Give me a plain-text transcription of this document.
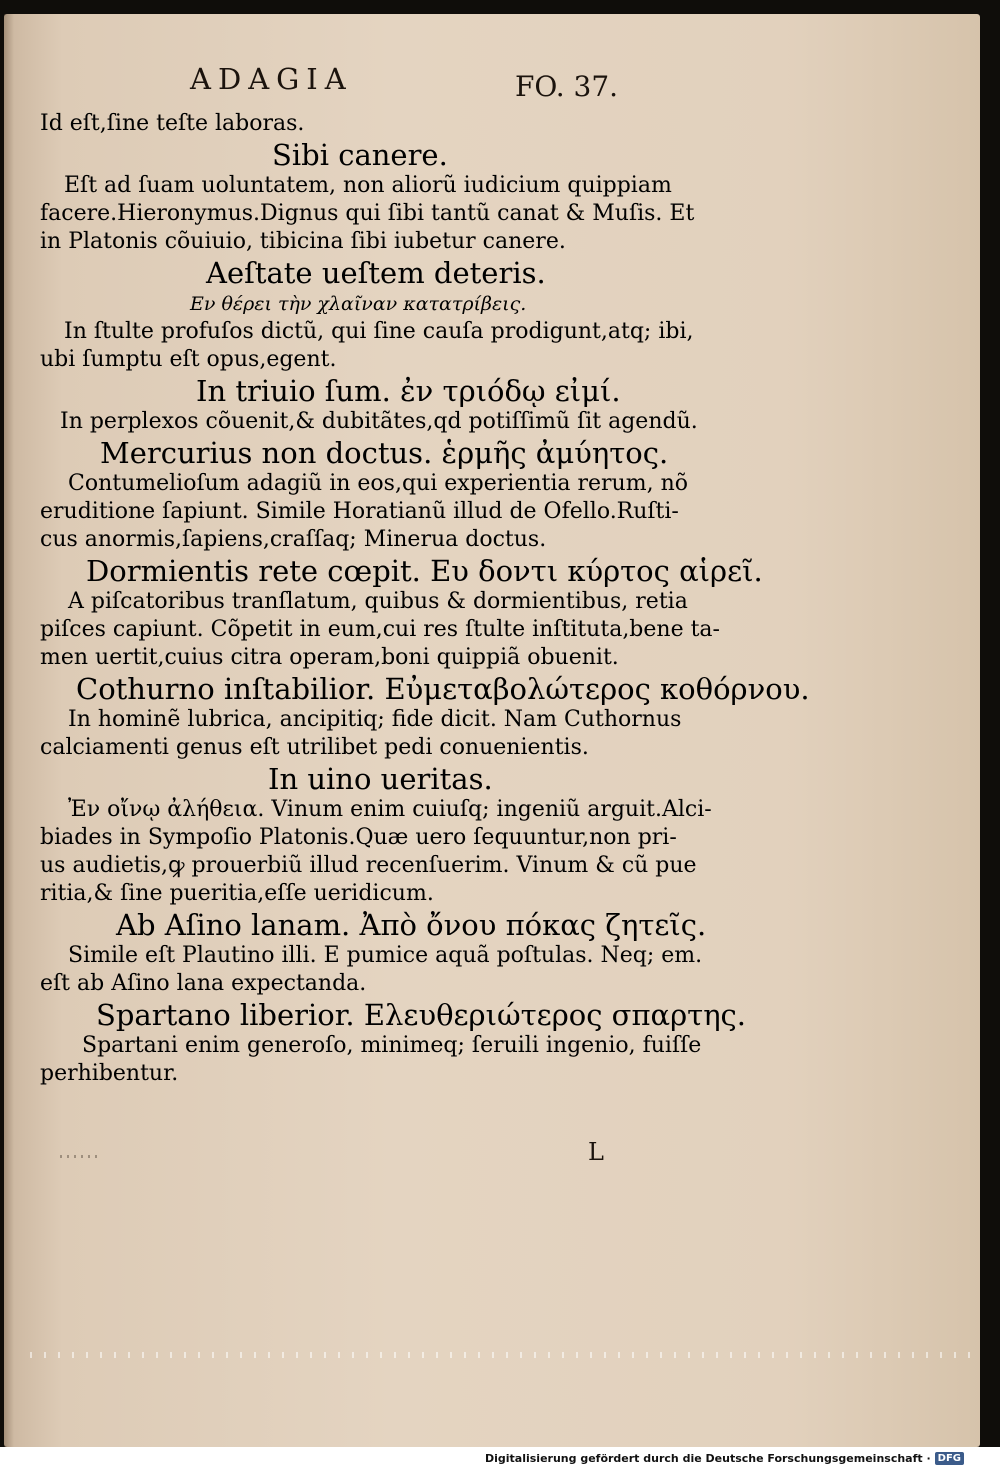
ADAGIA	FO. 37.
Id eſt,ſine teſte laboras.
Sibi canere.
Eſt ad ſuam uoluntatem, non aliorũ iudicium quippiam
facere.Hieronymus.Dignus qui ſibi tantũ canat & Muſis. Et
in Platonis cõuiuio, tibicina ſibi iubetur canere.
Aeſtate ueſtem deteris.
Εν θέρει τὴν χλαῖναν κατατρίβεις.
In ſtulte profuſos dictũ, qui ſine cauſa prodigunt,atq; ibi,
ubi ſumptu eſt opus,egent.
In triuio ſum. ἐν τριόδῳ εἰμί.
In perplexos cõuenit,& dubitãtes,qd potiſſimũ ſit agendũ.
Mercurius non doctus. ἑρμῆς ἀμύητος.
Contumelioſum adagiũ in eos,qui experientia rerum, nõ
eruditione ſapiunt. Simile Horatianũ illud de Ofello.Ruſti-
cus anormis,ſapiens,craſſaq; Minerua doctus.
Dormientis rete cœpit. Ευ δοντι κύρτος αἱρεῖ.
A piſcatoribus tranſlatum, quibus & dormientibus, retia
piſces capiunt. Cõpetit in eum,cui res ſtulte inſtituta,bene ta-
men uertit,cuius citra operam,boni quippiã obuenit.
Cothurno inſtabilior. Εὐμεταβολώτερος κοθόρνου.
In hominẽ lubrica, ancipitiq; fide dicit. Nam Cuthornus
calciamenti genus eſt utrilibet pedi conuenientis.
In uino ueritas.
Ἐν οἴνῳ ἀλήθεια. Vinum enim cuiuſq; ingeniũ arguit.Alci-
biades in Sympoſio Platonis.Quæ uero ſequuntur,non pri-
us audietis,ꝙ prouerbiũ illud recenſuerim. Vinum & cũ pue
ritia,& ſine pueritia,eſſe ueridicum.
Ab Aſino lanam. Ἀπὸ ὄνου πόκας ζητεῖς.
Simile eſt Plautino illi. E pumice aquã poſtulas. Neq; em.
eſt ab Aſino lana expectanda.
Spartano liberior. Ελευθεριώτερος σπαρτης.
Spartani enim generoſo, minimeq; ſeruili ingenio, fuiſſe
perhibentur.
L
Digitalisierung gefördert durch die Deutsche Forschungsgemeinschaft · DFG
